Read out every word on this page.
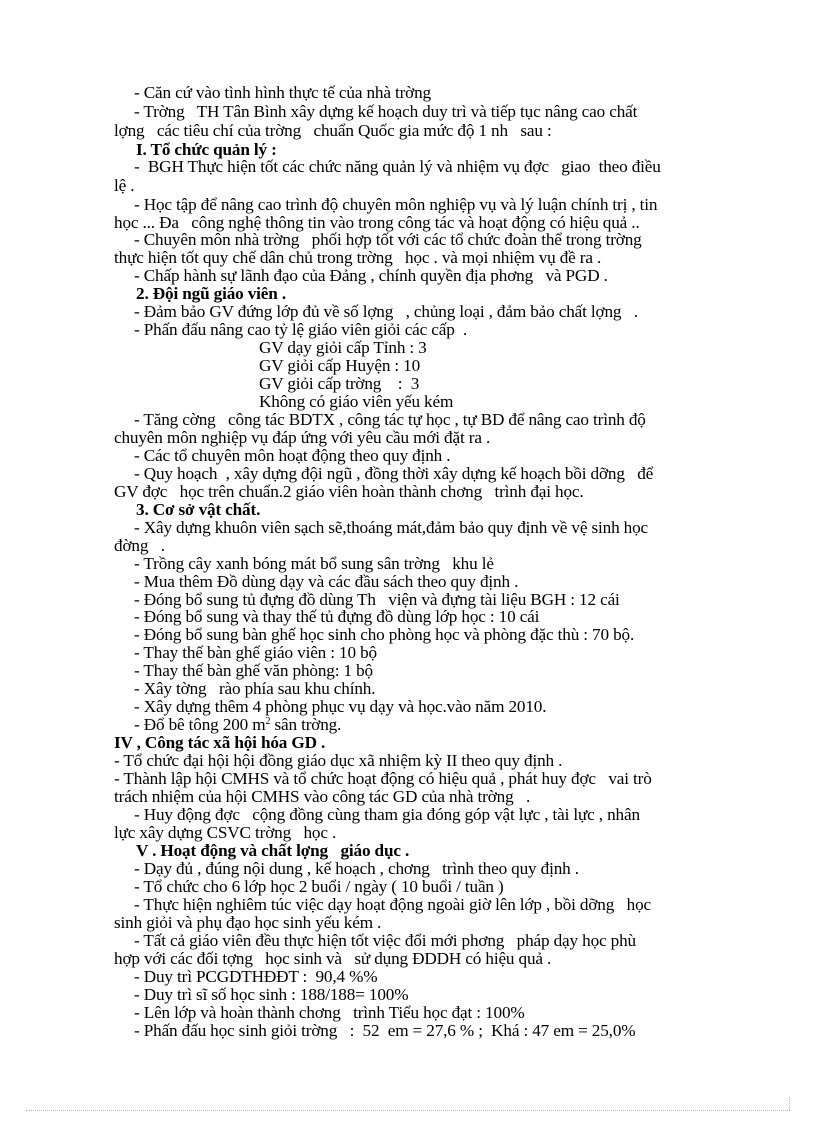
- Căn cứ vào tình hình thực tế của nhà trờng
- Trờng   TH Tân Bình xây dựng kế hoạch duy trì và tiếp tục nâng cao chất
lợng   các tiêu chí của trờng   chuẩn Quốc gia mức độ 1 nh   sau :
I. Tổ chức quản lý :
-  BGH Thực hiện tốt các chức năng quản lý và nhiệm vụ đợc   giao  theo điều
lệ .
- Học tập để nâng cao trình độ chuyên môn nghiệp vụ và lý luận chính trị , tin
học ... Đa   công nghệ thông tin vào trong công tác và hoạt động có hiệu quả ..
- Chuyên môn nhà trờng   phối hợp tốt với các tổ chức đoàn thể trong trờng
thực hiện tốt quy chế dân chủ trong trờng   học . và mọi nhiệm vụ đề ra .
- Chấp hành sự lãnh đạo của Đảng , chính quyền địa phơng   và PGD .
2. Đội ngũ giáo viên .
- Đảm bảo GV đứng lớp đủ về số lợng   , chủng loại , đảm bảo chất lợng   .
- Phấn đấu nâng cao tỷ lệ giáo viên giỏi các cấp  .
GV dạy giỏi cấp Tỉnh : 3
GV giỏi cấp Huyện : 10
GV giỏi cấp trờng    :  3
Không có giáo viên yếu kém
- Tăng cờng   công tác BDTX , công tác tự học , tự BD để nâng cao trình độ
chuyên môn nghiệp vụ đáp ứng với yêu cầu mới đặt ra .
- Các tổ chuyên môn hoạt động theo quy định .
- Quy hoạch  , xây dựng đội ngũ , đồng thời xây dựng kế hoạch bồi dỡng   để
GV đợc   học trên chuẩn.2 giáo viên hoàn thành chơng   trình đại học.
3. Cơ sở vật chất.
- Xây dựng khuôn viên sạch sẽ,thoáng mát,đảm bảo quy định về vệ sinh học
đờng   .
- Trồng cây xanh bóng mát bổ sung sân trờng   khu lẻ
- Mua thêm Đồ dùng dạy và các đầu sách theo quy định .
- Đóng bổ sung tủ đựng đồ dùng Th   viện và đựng tài liệu BGH : 12 cái
- Đóng bổ sung và thay thế tủ đựng đồ dùng lớp học : 10 cái
- Đóng bổ sung bàn ghế học sinh cho phòng học và phòng đặc thù : 70 bộ.
- Thay thế bàn ghế giáo viên : 10 bộ
- Thay thế bàn ghế văn phòng: 1 bộ
- Xây tờng   rào phía sau khu chính.
- Xây dựng thêm 4 phòng phục vụ dạy và học.vào năm 2010.
- Đổ bê tông 200 $m^2$ sân trờng.
IV , Công tác xã hội hóa GD .
- Tổ chức đại hội hội đồng giáo dục xã nhiệm kỳ II theo quy định .
- Thành lập hội CMHS và tổ chức hoạt động có hiệu quả , phát huy đợc   vai trò
trách nhiệm của hội CMHS vào công tác GD của nhà trờng   .
- Huy động đợc   cộng đồng cùng tham gia đóng góp vật lực , tài lực , nhân
lực xây dựng CSVC trờng   học .
V . Hoạt động và chất lợng   giáo dục .
- Dạy đủ , đúng nội dung , kế hoạch , chơng   trình theo quy định .
- Tổ chức cho 6 lớp học 2 buổi / ngày ( 10 buổi / tuần )
- Thực hiện nghiêm túc việc dạy hoạt động ngoài giờ lên lớp , bồi dỡng   học
sinh giỏi và phụ đạo học sinh yếu kém .
- Tất cả giáo viên đều thực hiện tốt việc đổi mới phơng   pháp dạy học phù
hợp với các đối tợng   học sinh và   sử dụng ĐDDH có hiệu quả .
- Duy trì PCGDTHĐĐT :  90,4 %%
- Duy trì sĩ số học sinh : 188/188= 100%
- Lên lớp và hoàn thành chơng   trình Tiểu học đạt : 100%
- Phấn đấu học sinh giỏi trờng   :  52  em = 27,6 % ;  Khá : 47 em = 25,0%
